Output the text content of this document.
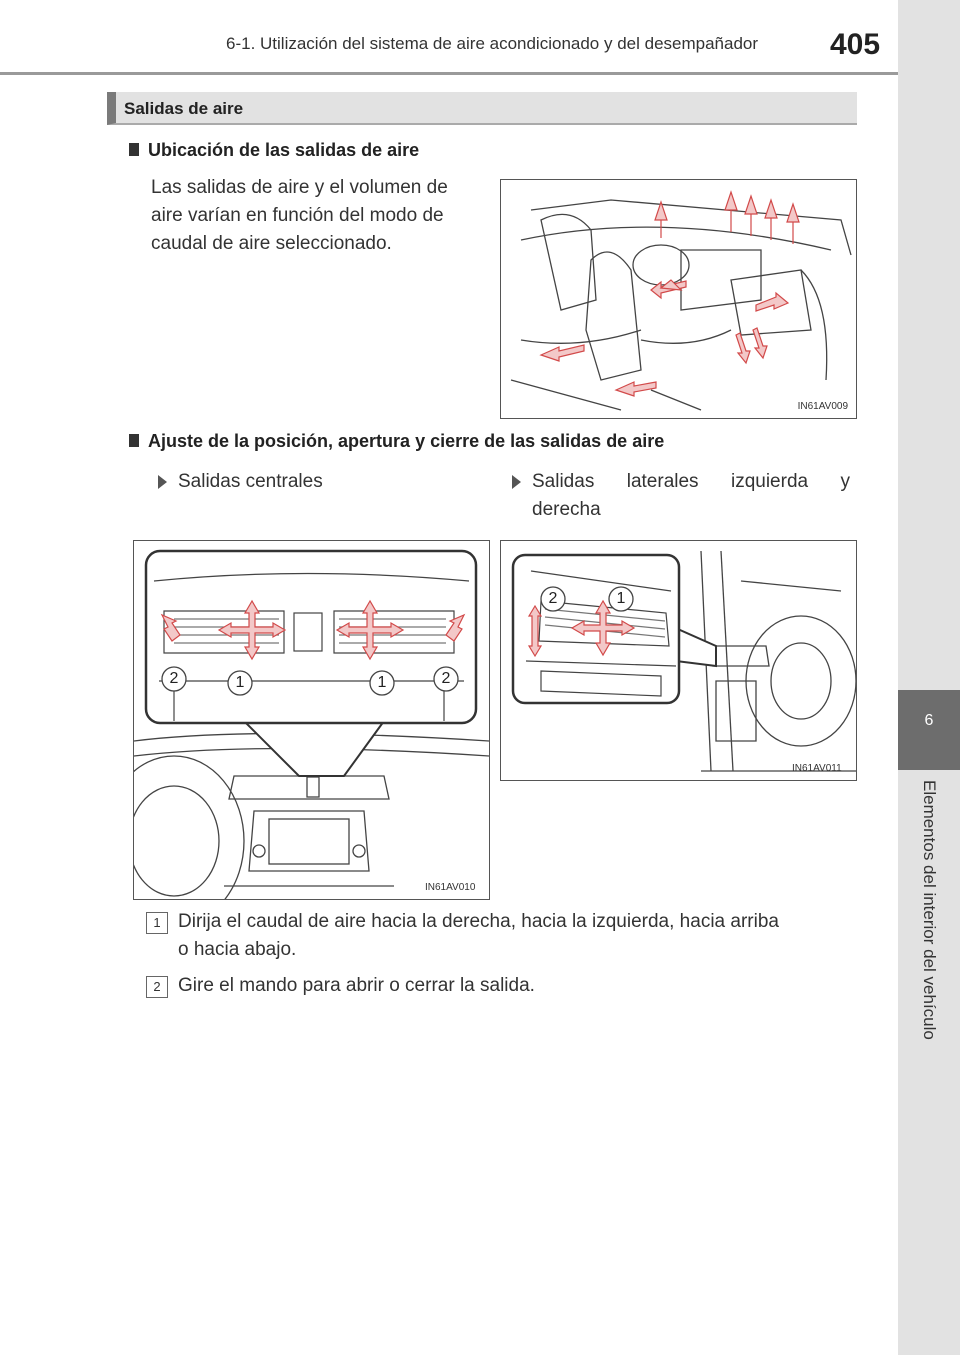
6-1. Utilización del sistema de aire acondicionado y del desempañador 405
6
Elementos del interior del vehículo
Salidas de aire
Ubicación de las salidas de aire
Las salidas de aire y el volumen de
aire varían en función del modo de
caudal de aire seleccionado.
IN61AV009
Ajuste de la posición, apertura y cierre de las salidas de aire
Salidas centrales	Salidas laterales izquierda y
derecha
2	1	1	2
IN61AV010
2	1
IN61AV011
1 Dirija el caudal de aire hacia la derecha, hacia la izquierda, hacia arriba
o hacia abajo.
2 Gire el mando para abrir o cerrar la salida.
